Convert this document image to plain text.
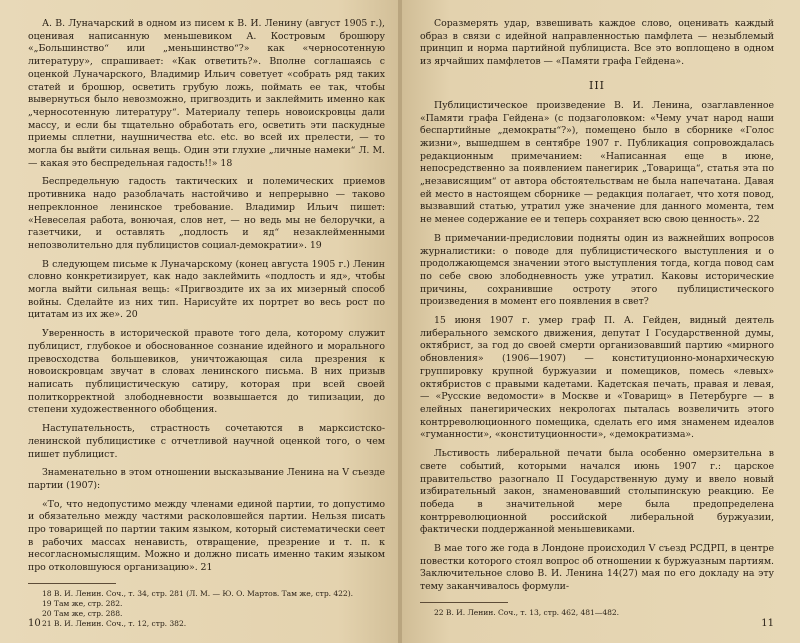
А. В. Луначарский в одном из писем к В. И. Ленину (август 1905 г.), оценивая написанную меньшевиком А. Костровым брошюру «„Большинство“ или „меньшинство“?» как «черносотенную литературу», спрашивает: «Как ответить?». Вполне соглашаясь с оценкой Луначарского, Владимир Ильич советует «собрать ряд таких статей и брошюр, осветить грубую ложь, поймать ее так, чтобы вывернуться было невозможно, пригвоздить и заклеймить именно как „черносотенную литературу“. Материалу теперь новоискровцы дали массу, и если бы тщательно обработать его, осветить эти паскудные приемы сплетни, наушничества etc. etc. во всей их прелести, — то могла бы выйти сильная вещь. Один эти глухие „личные намеки“ Л. М. — какая это беспредельная гадость!!» 18

Беспредельную гадость тактических и полемических приемов противника надо разоблачать настойчиво и непрерывно — таково непреклонное ленинское требование. Владимир Ильич пишет: «Невеселая работа, вонючая, слов нет, — но ведь мы не белоручки, а газетчики, и оставлять „подлость и яд“ незаклейменными непозволительно для публицистов социал-демократии». 19

В следующем письме к Луначарскому (конец августа 1905 г.) Ленин словно конкретизирует, как надо заклеймить «подлость и яд», чтобы могла выйти сильная вещь: «Пригвоздите их за их мизерный способ войны. Сделайте из них тип. Нарисуйте их портрет во весь рост по цитатам из их же». 20

Уверенность в исторической правоте того дела, которому служит публицист, глубокое и обоснованное сознание идейного и морального превосходства большевиков, уничтожающая сила презрения к новоискровцам звучат в словах ленинского письма. В них призыв написать публицистическую сатиру, которая при всей своей политкорректной злободневности возвышается до типизации, до степени художественного обобщения.

Наступательность, страстность сочетаются в марксистско-ленинской публицистике с отчетливой научной оценкой того, о чем пишет публицист.

Знаменательно в этом отношении высказывание Ленина на V съезде партии (1907):

«То, что недопустимо между членами единой партии, то допустимо и обязательно между частями расколовшейся партии. Нельзя писать про товарищей по партии таким языком, который систематически сеет в рабочих массах ненависть, отвращение, презрение и т. п. к несогласномыслящим. Можно и должно писать именно таким языком про отколовшуюся организацию». 21

18 В. И. Ленин. Соч., т. 34, стр. 281 (Л. М. — Ю. О. Мартов. Там же, стр. 422).

19 Там же, стр. 282.

20 Там же, стр. 288.

21 В. И. Ленин. Соч., т. 12, стр. 382.

10

Соразмерять удар, взвешивать каждое слово, оценивать каждый образ в связи с идейной направленностью памфлета — незыблемый принцип и норма партийной публициста. Все это воплощено в одном из ярчайших памфлетов — «Памяти графа Гейдена».

III

Публицистическое произведение В. И. Ленина, озаглавленное «Памяти графа Гейдена» (с подзаголовком: «Чему учат народ наши беспартийные „демократы“?»), помещено было в сборнике «Голос жизни», вышедшем в сентябре 1907 г. Публикация сопровождалась редакционным примечанием: «Написанная еще в июне, непосредственно за появлением панегирик „Товарища“, статья эта по „независящим“ от автора обстоятельствам не была напечатана. Давая ей место в настоящем сборнике — редакция полагает, что хотя повод, вызвавший статью, утратил уже значение для данного момента, тем не менее содержание ее и теперь сохраняет всю свою ценность». 22

В примечании-предисловии подняты один из важнейших вопросов журналистики: о поводе для публицистического выступления и о продолжающемся значении этого выступления тогда, когда повод сам по себе свою злободневность уже утратил. Каковы исторические причины, сохранившие остроту этого публицистического произведения в момент его появления в свет?

15 июня 1907 г. умер граф П. А. Гейден, видный деятель либерального земского движения, депутат I Государственной думы, октябрист, за год до своей смерти организовавший партию «мирного обновления» (1906—1907) — конституционно-монархическую группировку крупной буржуазии и помещиков, помесь «левых» октябристов с правыми кадетами. Кадетская печать, правая и левая, — «Русские ведомости» в Москве и «Товарищ» в Петербурге — в елейных панегирических некрологах пыталась возвеличить этого контрреволюционного помещика, сделать его имя знаменем идеалов «гуманности», «конституционности», «демократизма».

Льстивость либеральной печати была особенно омерзительна в свете событий, которыми начался июнь 1907 г.: царское правительство разогнало II Государственную думу и ввело новый избирательный закон, знаменовавший столыпинскую реакцию. Ее победа в значительной мере была предопределена контрреволюционной российской либеральной буржуазии, фактически поддержанной меньшевиками.

В мае того же года в Лондоне происходил V съезд РСДРП, в центре повестки которого стоял вопрос об отношении к буржуазным партиям. Заключительное слово В. И. Ленина 14(27) мая по его докладу на эту тему заканчивалось формули-

22 В. И. Ленин. Соч., т. 13, стр. 462, 481—482.

11
